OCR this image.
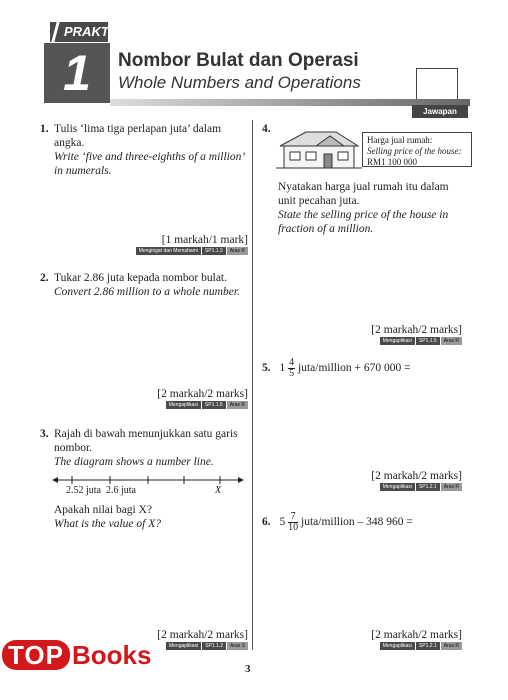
PRAKTIS
1	Nombor Bulat dan Operasi
Whole Numbers and Operations
Jawapan
1. Tulis ‘lima tiga perlapan juta’ dalam angka.
Write ‘five and three-eighths of a million’ in numerals.
[1 markah/1 mark]
Mengingat dan Memahami	SP1.1.3	Aras R
2. Tukar 2.86 juta kepada nombor bulat.
Convert 2.86 million to a whole number.
[2 markah/2 marks]
Mengaplikasi	SP1.1.5	Aras R
3. Rajah di bawah menunjukkan satu garis nombor.
The diagram shows a number line.
2.52 juta 2.6 juta	X
Apakah nilai bagi X?
What is the value of X?
[2 markah/2 marks]
Mengaplikasi	SP1.1.2	Aras S
4.
Harga jual rumah:
Selling price of the house:
RM1 100 000
Nyatakan harga jual rumah itu dalam unit pecahan juta.
State the selling price of the house in fraction of a million.
[2 markah/2 marks]
Mengaplikasi	SP1.1.5	Aras R
5. $1 \frac{4}{5}$ juta/million + 670 000 =
[2 markah/2 marks]
Mengaplikasi	SP1.2.1	Aras R
6. $5 \frac{7}{10}$ juta/million – 348 960 =
[2 markah/2 marks]
Mengaplikasi	SP1.2.1	Aras R
3
TOP Books
